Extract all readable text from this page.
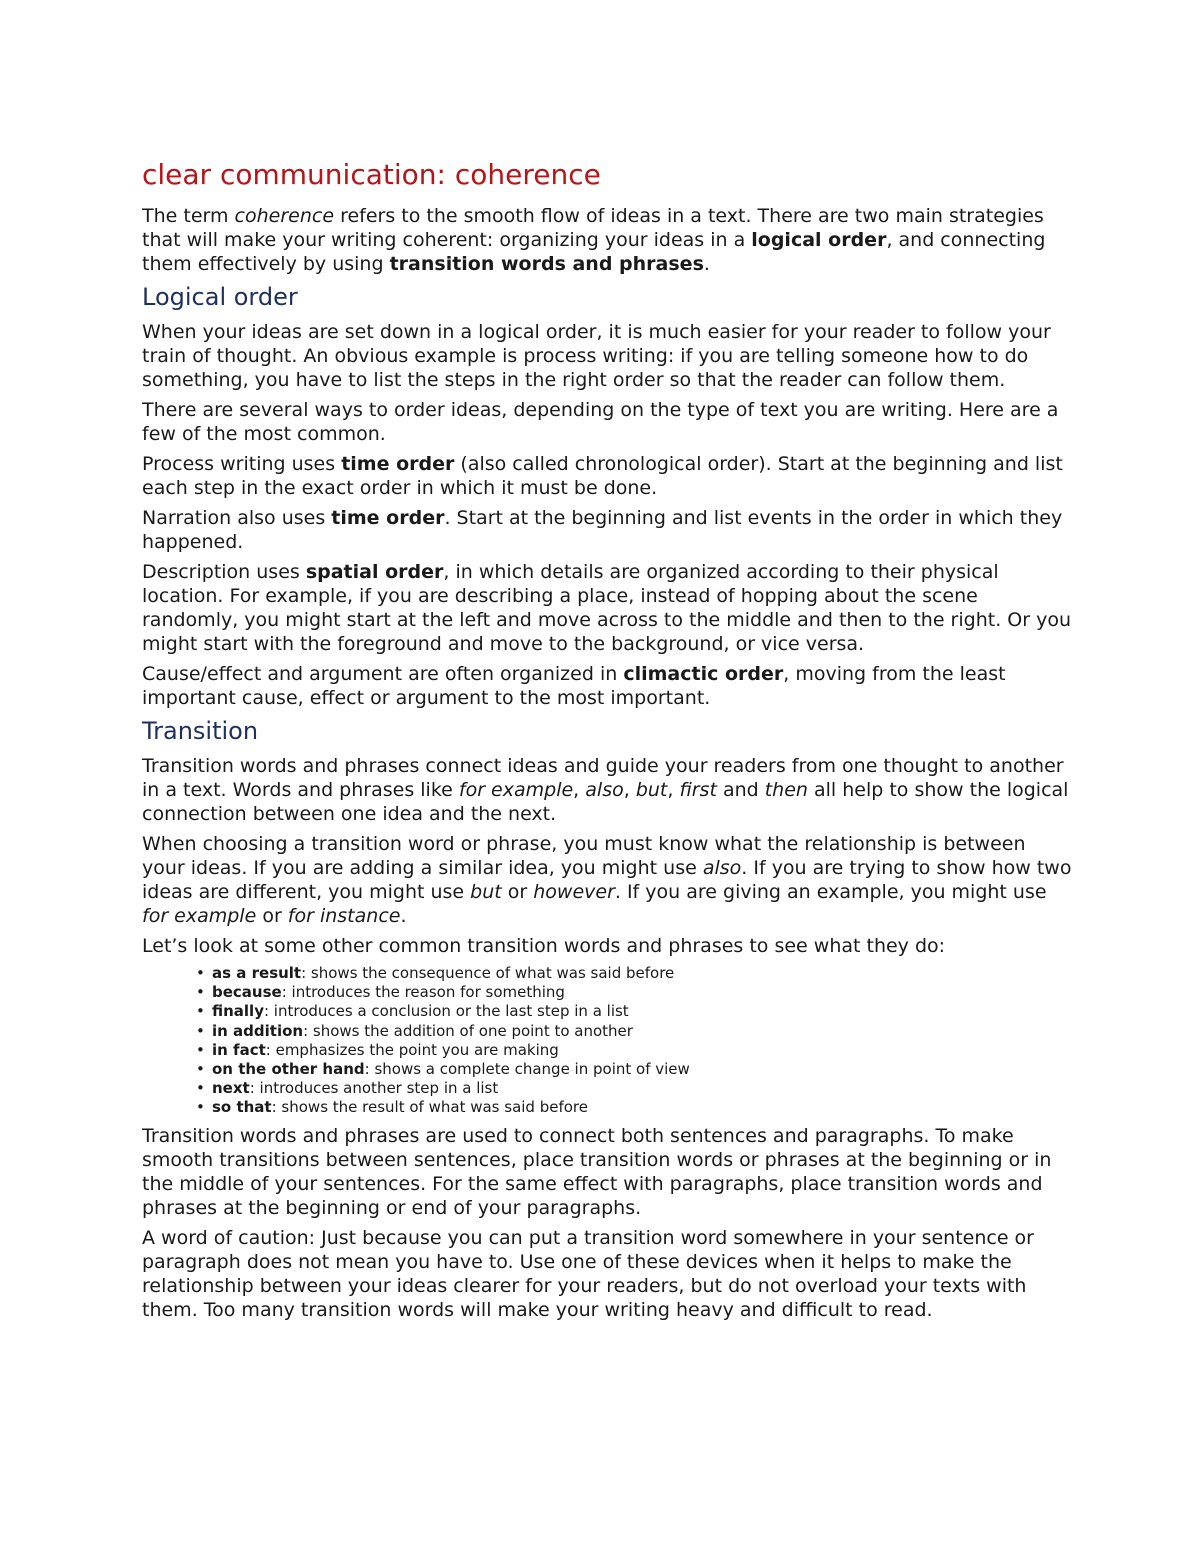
clear communication: coherence

The term coherence refers to the smooth flow of ideas in a text. There are two main strategies that will make your writing coherent: organizing your ideas in a logical order, and connecting them effectively by using transition words and phrases.

Logical order

When your ideas are set down in a logical order, it is much easier for your reader to follow your train of thought. An obvious example is process writing: if you are telling someone how to do something, you have to list the steps in the right order so that the reader can follow them.

There are several ways to order ideas, depending on the type of text you are writing. Here are a few of the most common.

Process writing uses time order (also called chronological order). Start at the beginning and list each step in the exact order in which it must be done.

Narration also uses time order. Start at the beginning and list events in the order in which they happened.

Description uses spatial order, in which details are organized according to their physical location. For example, if you are describing a place, instead of hopping about the scene randomly, you might start at the left and move across to the middle and then to the right. Or you might start with the foreground and move to the background, or vice versa.

Cause/effect and argument are often organized in climactic order, moving from the least important cause, effect or argument to the most important.

Transition

Transition words and phrases connect ideas and guide your readers from one thought to another in a text. Words and phrases like for example, also, but, first and then all help to show the logical connection between one idea and the next.

When choosing a transition word or phrase, you must know what the relationship is between your ideas. If you are adding a similar idea, you might use also. If you are trying to show how two ideas are different, you might use but or however. If you are giving an example, you might use for example or for instance.

Let’s look at some other common transition words and phrases to see what they do:

• as a result: shows the consequence of what was said before
• because: introduces the reason for something
• finally: introduces a conclusion or the last step in a list
• in addition: shows the addition of one point to another
• in fact: emphasizes the point you are making
• on the other hand: shows a complete change in point of view
• next: introduces another step in a list
• so that: shows the result of what was said before

Transition words and phrases are used to connect both sentences and paragraphs. To make smooth transitions between sentences, place transition words or phrases at the beginning or in the middle of your sentences. For the same effect with paragraphs, place transition words and phrases at the beginning or end of your paragraphs.

A word of caution: Just because you can put a transition word somewhere in your sentence or paragraph does not mean you have to. Use one of these devices when it helps to make the relationship between your ideas clearer for your readers, but do not overload your texts with them. Too many transition words will make your writing heavy and difficult to read.
